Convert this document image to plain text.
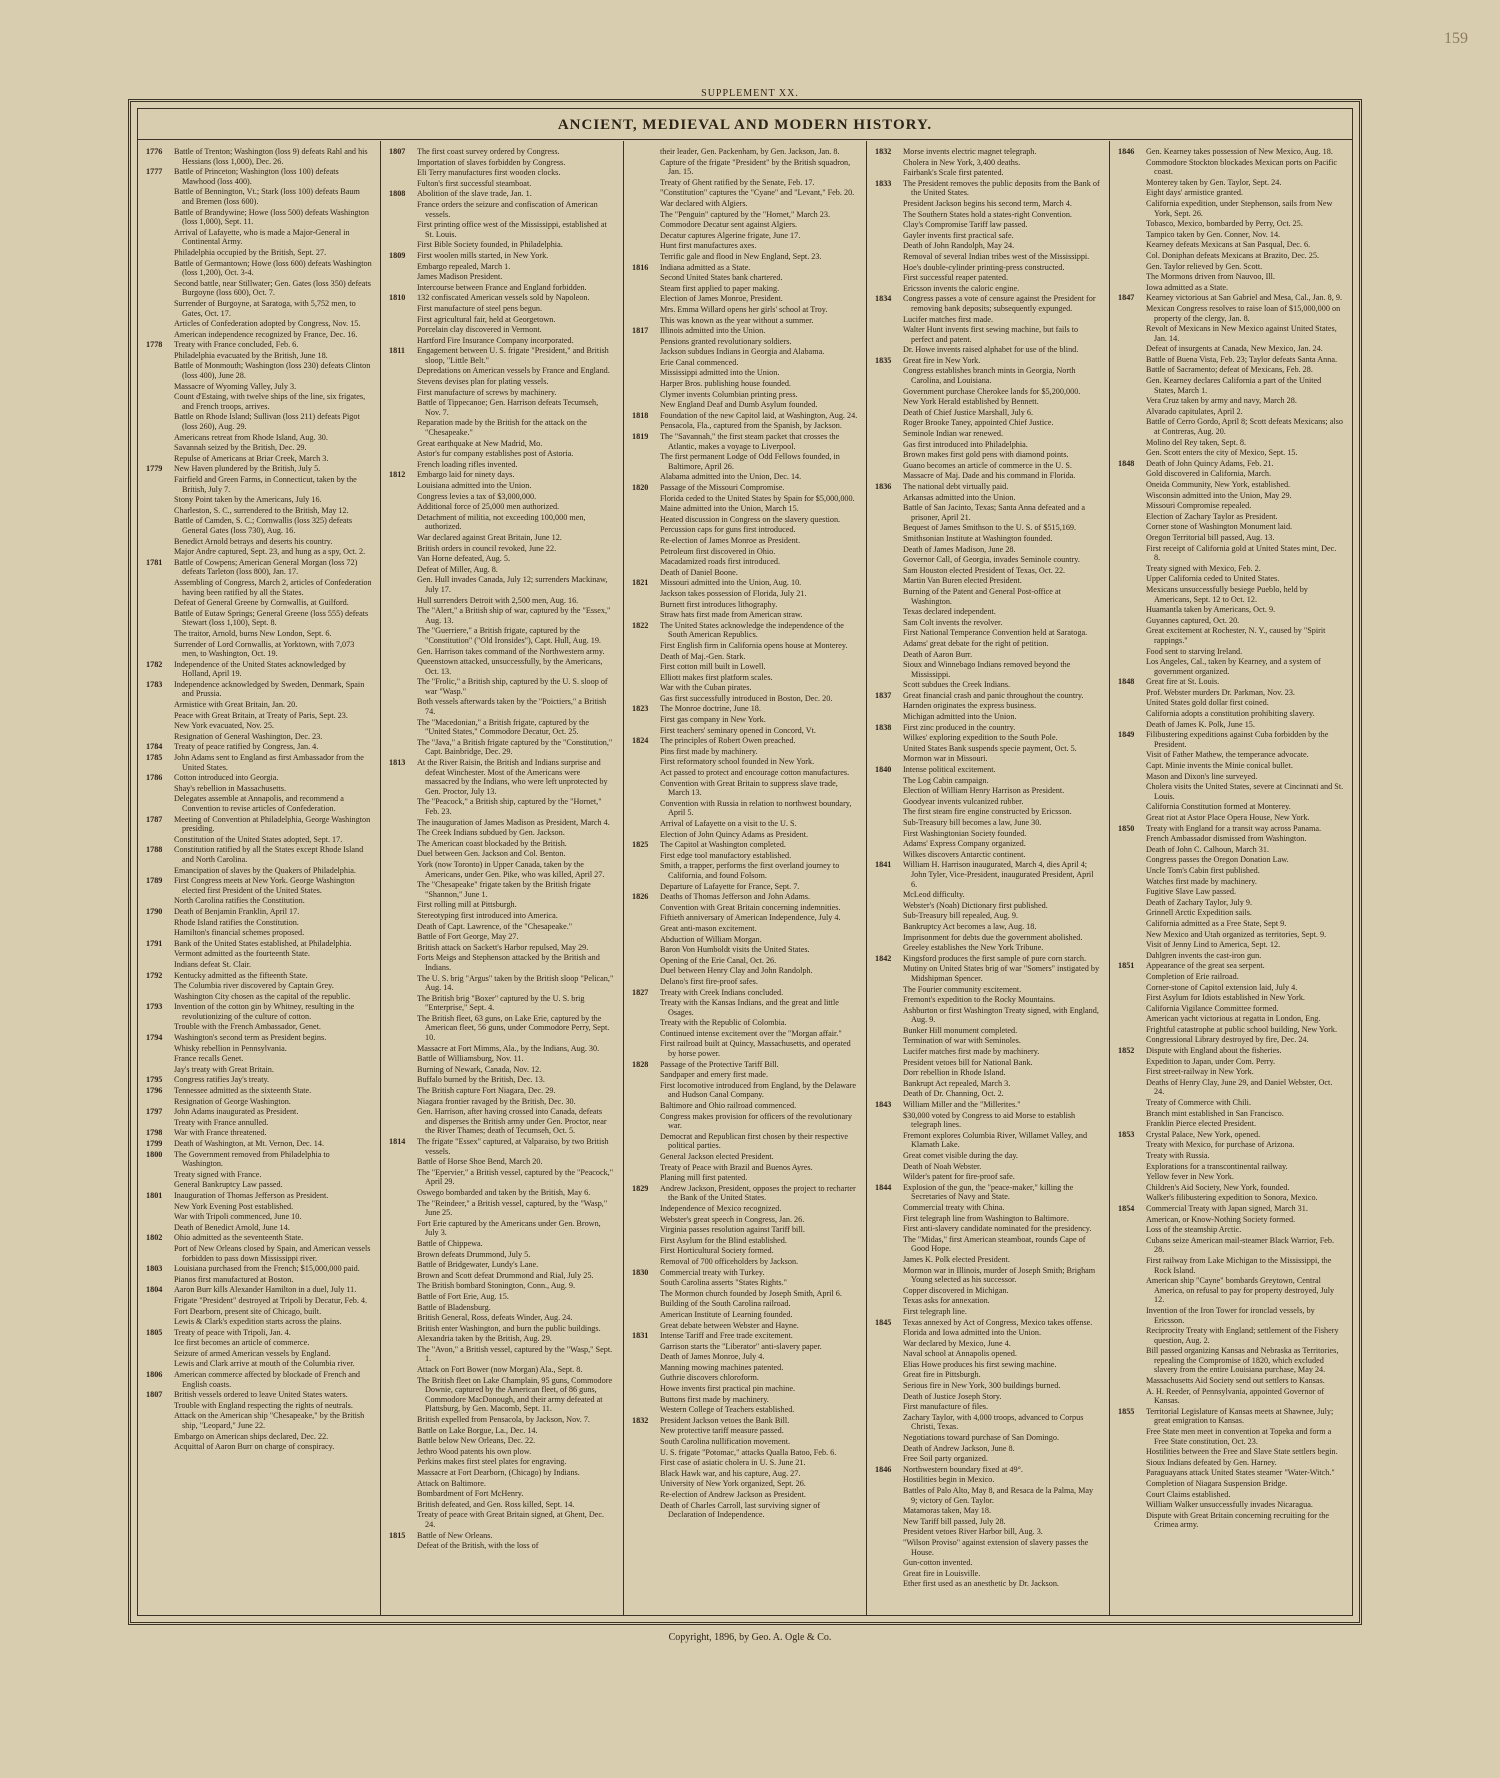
159
SUPPLEMENT XX.
ANCIENT, MEDIEVAL AND MODERN HISTORY.
1776	Battle of Trenton; Washington (loss 9) defeats Rahl and his Hessians (loss 1,000), Dec. 26.
1777	Battle of Princeton; Washington (loss 100) defeats Mawhood (loss 400).
Battle of Bennington, Vt.; Stark (loss 100) defeats Baum and Bremen (loss 600).
Battle of Brandywine; Howe (loss 500) defeats Washington (loss 1,000), Sept. 11.
Arrival of Lafayette, who is made a Major-General in Continental Army.
Philadelphia occupied by the British, Sept. 27.
Battle of Germantown; Howe (loss 600) defeats Washington (loss 1,200), Oct. 3-4.
Second battle, near Stillwater; Gen. Gates (loss 350) defeats Burgoyne (loss 600), Oct. 7.
Surrender of Burgoyne, at Saratoga, with 5,752 men, to Gates, Oct. 17.
Articles of Confederation adopted by Congress, Nov. 15.
American independence recognized by France, Dec. 16.
1778	Treaty with France concluded, Feb. 6.
Philadelphia evacuated by the British, June 18.
Battle of Monmouth; Washington (loss 230) defeats Clinton (loss 400), June 28.
Massacre of Wyoming Valley, July 3.
Count d'Estaing, with twelve ships of the line, six frigates, and French troops, arrives.
Battle on Rhode Island; Sullivan (loss 211) defeats Pigot (loss 260), Aug. 29.
Americans retreat from Rhode Island, Aug. 30.
Savannah seized by the British, Dec. 29.
Repulse of Americans at Briar Creek, March 3.
1779	New Haven plundered by the British, July 5.
Fairfield and Green Farms, in Connecticut, taken by the British, July 7.
Stony Point taken by the Americans, July 16.
Charleston, S. C., surrendered to the British, May 12.
Battle of Camden, S. C.; Cornwallis (loss 325) defeats General Gates (loss 730), Aug. 16.
Benedict Arnold betrays and deserts his country.
Major Andre captured, Sept. 23, and hung as a spy, Oct. 2.
1781	Battle of Cowpens; American General Morgan (loss 72) defeats Tarleton (loss 800), Jan. 17.
Assembling of Congress, March 2, articles of Confederation having been ratified by all the States.
Defeat of General Greene by Cornwallis, at Guilford.
Battle of Eutaw Springs; General Greene (loss 555) defeats Stewart (loss 1,100), Sept. 8.
The traitor, Arnold, burns New London, Sept. 6.
Surrender of Lord Cornwallis, at Yorktown, with 7,073 men, to Washington, Oct. 19.
1782	Independence of the United States acknowledged by Holland, April 19.
1783	Independence acknowledged by Sweden, Denmark, Spain and Prussia.
Armistice with Great Britain, Jan. 20.
Peace with Great Britain, at Treaty of Paris, Sept. 23.
New York evacuated, Nov. 25.
Resignation of General Washington, Dec. 23.
1784	Treaty of peace ratified by Congress, Jan. 4.
1785	John Adams sent to England as first Ambassador from the United States.
1786	Cotton introduced into Georgia.
Shay's rebellion in Massachusetts.
Delegates assemble at Annapolis, and recommend a Convention to revise articles of Confederation.
1787	Meeting of Convention at Philadelphia, George Washington presiding.
Constitution of the United States adopted, Sept. 17.
1788	Constitution ratified by all the States except Rhode Island and North Carolina.
Emancipation of slaves by the Quakers of Philadelphia.
1789	First Congress meets at New York. George Washington elected first President of the United States.
North Carolina ratifies the Constitution.
1790	Death of Benjamin Franklin, April 17.
Rhode Island ratifies the Constitution.
Hamilton's financial schemes proposed.
1791	Bank of the United States established, at Philadelphia.
Vermont admitted as the fourteenth State.
Indians defeat St. Clair.
1792	Kentucky admitted as the fifteenth State.
The Columbia river discovered by Captain Grey.
Washington City chosen as the capital of the republic.
1793	Invention of the cotton gin by Whitney, resulting in the revolutionizing of the culture of cotton.
Trouble with the French Ambassador, Genet.
1794	Washington's second term as President begins.
Whisky rebellion in Pennsylvania.
France recalls Genet.
Jay's treaty with Great Britain.
1795	Congress ratifies Jay's treaty.
1796	Tennessee admitted as the sixteenth State.
Resignation of George Washington.
1797	John Adams inaugurated as President.
Treaty with France annulled.
1798	War with France threatened.
1799	Death of Washington, at Mt. Vernon, Dec. 14.
1800	The Government removed from Philadelphia to Washington.
Treaty signed with France.
General Bankruptcy Law passed.
1801	Inauguration of Thomas Jefferson as President.
New York Evening Post established.
War with Tripoli commenced, June 10.
Death of Benedict Arnold, June 14.
1802	Ohio admitted as the seventeenth State.
Port of New Orleans closed by Spain, and American vessels forbidden to pass down Mississippi river.
1803	Louisiana purchased from the French; $15,000,000 paid.
Pianos first manufactured at Boston.
1804	Aaron Burr kills Alexander Hamilton in a duel, July 11.
Frigate "President" destroyed at Tripoli by Decatur, Feb. 4.
Fort Dearborn, present site of Chicago, built.
Lewis & Clark's expedition starts across the plains.
1805	Treaty of peace with Tripoli, Jan. 4.
Ice first becomes an article of commerce.
Seizure of armed American vessels by England.
Lewis and Clark arrive at mouth of the Columbia river.
1806	American commerce affected by blockade of French and English coasts.
1807	British vessels ordered to leave United States waters.
Trouble with England respecting the rights of neutrals.
Attack on the American ship "Chesapeake," by the British ship, "Leopard," June 22.
Embargo on American ships declared, Dec. 22.
Acquittal of Aaron Burr on charge of conspiracy.
1807	The first coast survey ordered by Congress.
Importation of slaves forbidden by Congress.
Eli Terry manufactures first wooden clocks.
Fulton's first successful steamboat.
1808	Abolition of the slave trade, Jan. 1.
France orders the seizure and confiscation of American vessels.
First printing office west of the Mississippi, established at St. Louis.
First Bible Society founded, in Philadelphia.
1809	First woolen mills started, in New York.
Embargo repealed, March 1.
James Madison President.
Intercourse between France and England forbidden.
1810	132 confiscated American vessels sold by Napoleon.
First manufacture of steel pens begun.
First agricultural fair, held at Georgetown.
Porcelain clay discovered in Vermont.
Hartford Fire Insurance Company incorporated.
1811	Engagement between U. S. frigate "President," and British sloop, "Little Belt."
Depredations on American vessels by France and England.
Stevens devises plan for plating vessels.
First manufacture of screws by machinery.
Battle of Tippecanoe; Gen. Harrison defeats Tecumseh, Nov. 7.
Reparation made by the British for the attack on the "Chesapeake."
Great earthquake at New Madrid, Mo.
Astor's fur company establishes post of Astoria.
French loading rifles invented.
1812	Embargo laid for ninety days.
Louisiana admitted into the Union.
Congress levies a tax of $3,000,000.
Additional force of 25,000 men authorized.
Detachment of militia, not exceeding 100,000 men, authorized.
War declared against Great Britain, June 12.
British orders in council revoked, June 22.
Van Horne defeated, Aug. 5.
Defeat of Miller, Aug. 8.
Gen. Hull invades Canada, July 12; surrenders Mackinaw, July 17.
Hull surrenders Detroit with 2,500 men, Aug. 16.
The "Alert," a British ship of war, captured by the "Essex," Aug. 13.
The "Guerriere," a British frigate, captured by the "Constitution" ("Old Ironsides"), Capt. Hull, Aug. 19.
Gen. Harrison takes command of the Northwestern army.
Queenstown attacked, unsuccessfully, by the Americans, Oct. 13.
The "Frolic," a British ship, captured by the U. S. sloop of war "Wasp."
Both vessels afterwards taken by the "Poictiers," a British 74.
The "Macedonian," a British frigate, captured by the "United States," Commodore Decatur, Oct. 25.
The "Java," a British frigate captured by the "Constitution," Capt. Bainbridge, Dec. 29.
1813	At the River Raisin, the British and Indians surprise and defeat Winchester. Most of the Americans were massacred by the Indians, who were left unprotected by Gen. Proctor, July 13.
The "Peacock," a British ship, captured by the "Hornet," Feb. 23.
The inauguration of James Madison as President, March 4.
The Creek Indians subdued by Gen. Jackson.
The American coast blockaded by the British.
Duel between Gen. Jackson and Col. Benton.
York (now Toronto) in Upper Canada, taken by the Americans, under Gen. Pike, who was killed, April 27.
The "Chesapeake" frigate taken by the British frigate "Shannon," June 1.
First rolling mill at Pittsburgh.
Stereotyping first introduced into America.
Death of Capt. Lawrence, of the "Chesapeake."
Battle of Fort George, May 27.
British attack on Sackett's Harbor repulsed, May 29.
Forts Meigs and Stephenson attacked by the British and Indians.
The U. S. brig "Argus" taken by the British sloop "Pelican," Aug. 14.
The British brig "Boxer" captured by the U. S. brig "Enterprise," Sept. 4.
The British fleet, 63 guns, on Lake Erie, captured by the American fleet, 56 guns, under Commodore Perry, Sept. 10.
Massacre at Fort Mimms, Ala., by the Indians, Aug. 30.
Battle of Williamsburg, Nov. 11.
Burning of Newark, Canada, Nov. 12.
Buffalo burned by the British, Dec. 13.
The British capture Fort Niagara, Dec. 29.
Niagara frontier ravaged by the British, Dec. 30.
Gen. Harrison, after having crossed into Canada, defeats and disperses the British army under Gen. Proctor, near the River Thames; death of Tecumseh, Oct. 5.
1814	The frigate "Essex" captured, at Valparaiso, by two British vessels.
Battle of Horse Shoe Bend, March 20.
The "Epervier," a British vessel, captured by the "Peacock," April 29.
Oswego bombarded and taken by the British, May 6.
The "Reindeer," a British vessel, captured, by the "Wasp," June 25.
Fort Erie captured by the Americans under Gen. Brown, July 3.
Battle of Chippewa.
Brown defeats Drummond, July 5.
Battle of Bridgewater, Lundy's Lane.
Brown and Scott defeat Drummond and Rial, July 25.
The British bombard Stonington, Conn., Aug. 9.
Battle of Fort Erie, Aug. 15.
Battle of Bladensburg.
British General, Ross, defeats Winder, Aug. 24.
British enter Washington, and burn the public buildings.
Alexandria taken by the British, Aug. 29.
The "Avon," a British vessel, captured by the "Wasp," Sept. 1.
Attack on Fort Bower (now Morgan) Ala., Sept. 8.
The British fleet on Lake Champlain, 95 guns, Commodore Downie, captured by the American fleet, of 86 guns, Commodore MacDonough, and their army defeated at Plattsburg, by Gen. Macomb, Sept. 11.
British expelled from Pensacola, by Jackson, Nov. 7.
Battle on Lake Borgue, La., Dec. 14.
Battle below New Orleans, Dec. 22.
Jethro Wood patents his own plow.
Perkins makes first steel plates for engraving.
Massacre at Fort Dearborn, (Chicago) by Indians.
Attack on Baltimore.
Bombardment of Fort McHenry.
British defeated, and Gen. Ross killed, Sept. 14.
Treaty of peace with Great Britain signed, at Ghent, Dec. 24.
1815	Battle of New Orleans.
Defeat of the British, with the loss of
their leader, Gen. Packenham, by Gen. Jackson, Jan. 8.
Capture of the frigate "President" by the British squadron, Jan. 15.
Treaty of Ghent ratified by the Senate, Feb. 17.
"Constitution" captures the "Cyane" and "Levant," Feb. 20.
War declared with Algiers.
The "Penguin" captured by the "Hornet," March 23.
Commodore Decatur sent against Algiers.
Decatur captures Algerine frigate, June 17.
Hunt first manufactures axes.
Terrific gale and flood in New England, Sept. 23.
1816	Indiana admitted as a State.
Second United States bank chartered.
Steam first applied to paper making.
Election of James Monroe, President.
Mrs. Emma Willard opens her girls' school at Troy.
This was known as the year without a summer.
1817	Illinois admitted into the Union.
Pensions granted revolutionary soldiers.
Jackson subdues Indians in Georgia and Alabama.
Erie Canal commenced.
Mississippi admitted into the Union.
Harper Bros. publishing house founded.
Clymer invents Columbian printing press.
New England Deaf and Dumb Asylum founded.
1818	Foundation of the new Capitol laid, at Washington, Aug. 24.
Pensacola, Fla., captured from the Spanish, by Jackson.
1819	The "Savannah," the first steam packet that crosses the Atlantic, makes a voyage to Liverpool.
The first permanent Lodge of Odd Fellows founded, in Baltimore, April 26.
Alabama admitted into the Union, Dec. 14.
1820	Passage of the Missouri Compromise.
Florida ceded to the United States by Spain for $5,000,000.
Maine admitted into the Union, March 15.
Heated discussion in Congress on the slavery question.
Percussion caps for guns first introduced.
Re-election of James Monroe as President.
Petroleum first discovered in Ohio.
Macadamized roads first introduced.
Death of Daniel Boone.
1821	Missouri admitted into the Union, Aug. 10.
Jackson takes possession of Florida, July 21.
Burnett first introduces lithography.
Straw hats first made from American straw.
1822	The United States acknowledge the independence of the South American Republics.
First English firm in California opens house at Monterey.
Death of Maj.-Gen. Stark.
First cotton mill built in Lowell.
Elliott makes first platform scales.
War with the Cuban pirates.
Gas first successfully introduced in Boston, Dec. 20.
1823	The Monroe doctrine, June 18.
First gas company in New York.
First teachers' seminary opened in Concord, Vt.
1824	The principles of Robert Owen preached.
Pins first made by machinery.
First reformatory school founded in New York.
Act passed to protect and encourage cotton manufactures.
Convention with Great Britain to suppress slave trade, March 13.
Convention with Russia in relation to northwest boundary, April 5.
Arrival of Lafayette on a visit to the U. S.
Election of John Quincy Adams as President.
1825	The Capitol at Washington completed.
First edge tool manufactory established.
Smith, a trapper, performs the first overland journey to California, and found Folsom.
Departure of Lafayette for France, Sept. 7.
1826	Deaths of Thomas Jefferson and John Adams.
Convention with Great Britain concerning indemnities.
Fiftieth anniversary of American Independence, July 4.
Great anti-mason excitement.
Abduction of William Morgan.
Baron Von Humboldt visits the United States.
Opening of the Erie Canal, Oct. 26.
Duel between Henry Clay and John Randolph.
Delano's first fire-proof safes.
1827	Treaty with Creek Indians concluded.
Treaty with the Kansas Indians, and the great and little Osages.
Treaty with the Republic of Colombia.
Continued intense excitement over the "Morgan affair."
First railroad built at Quincy, Massachusetts, and operated by horse power.
1828	Passage of the Protective Tariff Bill.
Sandpaper and emery first made.
First locomotive introduced from England, by the Delaware and Hudson Canal Company.
Baltimore and Ohio railroad commenced.
Congress makes provision for officers of the revolutionary war.
Democrat and Republican first chosen by their respective political parties.
General Jackson elected President.
Treaty of Peace with Brazil and Buenos Ayres.
Planing mill first patented.
1829	Andrew Jackson, President, opposes the project to recharter the Bank of the United States.
Independence of Mexico recognized.
Webster's great speech in Congress, Jan. 26.
Virginia passes resolution against Tariff bill.
First Asylum for the Blind established.
First Horticultural Society formed.
Removal of 700 officeholders by Jackson.
1830	Commercial treaty with Turkey.
South Carolina asserts "States Rights."
The Mormon church founded by Joseph Smith, April 6.
Building of the South Carolina railroad.
American Institute of Learning founded.
Great debate between Webster and Hayne.
1831	Intense Tariff and Free trade excitement.
Garrison starts the "Liberator" anti-slavery paper.
Death of James Monroe, July 4.
Manning mowing machines patented.
Guthrie discovers chloroform.
Howe invents first practical pin machine.
Buttons first made by machinery.
Western College of Teachers established.
1832	President Jackson vetoes the Bank Bill.
New protective tariff measure passed.
South Carolina nullification movement.
U. S. frigate "Potomac," attacks Qualla Batoo, Feb. 6.
First case of asiatic cholera in U. S. June 21.
Black Hawk war, and his capture, Aug. 27.
University of New York organized, Sept. 26.
Re-election of Andrew Jackson as President.
Death of Charles Carroll, last surviving signer of Declaration of Independence.
1832	Morse invents electric magnet telegraph.
Cholera in New York, 3,400 deaths.
Fairbank's Scale first patented.
1833	The President removes the public deposits from the Bank of the United States.
President Jackson begins his second term, March 4.
The Southern States hold a states-right Convention.
Clay's Compromise Tariff law passed.
Gayler invents first practical safe.
Death of John Randolph, May 24.
Removal of several Indian tribes west of the Mississippi.
Hoe's double-cylinder printing-press constructed.
First successful reaper patented.
Ericsson invents the caloric engine.
1834	Congress passes a vote of censure against the President for removing bank deposits; subsequently expunged.
Lucifer matches first made.
Walter Hunt invents first sewing machine, but fails to perfect and patent.
Dr. Howe invents raised alphabet for use of the blind.
1835	Great fire in New York.
Congress establishes branch mints in Georgia, North Carolina, and Louisiana.
Government purchase Cherokee lands for $5,200,000.
New York Herald established by Bennett.
Death of Chief Justice Marshall, July 6.
Roger Brooke Taney, appointed Chief Justice.
Seminole Indian war renewed.
Gas first introduced into Philadelphia.
Brown makes first gold pens with diamond points.
Guano becomes an article of commerce in the U. S.
Massacre of Maj. Dade and his command in Florida.
1836	The national debt virtually paid.
Arkansas admitted into the Union.
Battle of San Jacinto, Texas; Santa Anna defeated and a prisoner, April 21.
Bequest of James Smithson to the U. S. of $515,169.
Smithsonian Institute at Washington founded.
Death of James Madison, June 28.
Governor Call, of Georgia, invades Seminole country.
Sam Houston elected President of Texas, Oct. 22.
Martin Van Buren elected President.
Burning of the Patent and General Post-office at Washington.
Texas declared independent.
Sam Colt invents the revolver.
First National Temperance Convention held at Saratoga.
Adams' great debate for the right of petition.
Death of Aaron Burr.
Sioux and Winnebago Indians removed beyond the Mississippi.
Scott subdues the Creek Indians.
1837	Great financial crash and panic throughout the country.
Harnden originates the express business.
Michigan admitted into the Union.
1838	First zinc produced in the country.
Wilkes' exploring expedition to the South Pole.
United States Bank suspends specie payment, Oct. 5.
Mormon war in Missouri.
1840	Intense political excitement.
The Log Cabin campaign.
Election of William Henry Harrison as President.
Goodyear invents vulcanized rubber.
The first steam fire engine constructed by Ericsson.
Sub-Treasury bill becomes a law, June 30.
First Washingtonian Society founded.
Adams' Express Company organized.
Wilkes discovers Antarctic continent.
1841	William H. Harrison inaugurated, March 4, dies April 4; John Tyler, Vice-President, inaugurated President, April 6.
McLeod difficulty.
Webster's (Noah) Dictionary first published.
Sub-Treasury bill repealed, Aug. 9.
Bankruptcy Act becomes a law, Aug. 18.
Imprisonment for debts due the government abolished.
Greeley establishes the New York Tribune.
1842	Kingsford produces the first sample of pure corn starch.
Mutiny on United States brig of war "Somers" instigated by Midshipman Spencer.
The Fourier community excitement.
Fremont's expedition to the Rocky Mountains.
Ashburton or first Washington Treaty signed, with England, Aug. 9.
Bunker Hill monument completed.
Termination of war with Seminoles.
Lucifer matches first made by machinery.
President vetoes bill for National Bank.
Dorr rebellion in Rhode Island.
Bankrupt Act repealed, March 3.
Death of Dr. Channing, Oct. 2.
1843	William Miller and the "Millerites."
$30,000 voted by Congress to aid Morse to establish telegraph lines.
Fremont explores Columbia River, Willamet Valley, and Klamath Lake.
Great comet visible during the day.
Death of Noah Webster.
Wilder's patent for fire-proof safe.
1844	Explosion of the gun, the "peace-maker," killing the Secretaries of Navy and State.
Commercial treaty with China.
First telegraph line from Washington to Baltimore.
First anti-slavery candidate nominated for the presidency.
The "Midas," first American steamboat, rounds Cape of Good Hope.
James K. Polk elected President.
Mormon war in Illinois, murder of Joseph Smith; Brigham Young selected as his successor.
Copper discovered in Michigan.
Texas asks for annexation.
First telegraph line.
1845	Texas annexed by Act of Congress, Mexico takes offense.
Florida and Iowa admitted into the Union.
War declared by Mexico, June 4.
Naval school at Annapolis opened.
Elias Howe produces his first sewing machine.
Great fire in Pittsburgh.
Serious fire in New York, 300 buildings burned.
Death of Justice Joseph Story.
First manufacture of files.
Zachary Taylor, with 4,000 troops, advanced to Corpus Christi, Texas.
Negotiations toward purchase of San Domingo.
Death of Andrew Jackson, June 8.
Free Soil party organized.
1846	Northwestern boundary fixed at 49°.
Hostilities begin in Mexico.
Battles of Palo Alto, May 8, and Resaca de la Palma, May 9; victory of Gen. Taylor.
Matamoras taken, May 18.
New Tariff bill passed, July 28.
President vetoes River Harbor bill, Aug. 3.
"Wilson Proviso" against extension of slavery passes the House.
Gun-cotton invented.
Great fire in Louisville.
Ether first used as an anesthetic by Dr. Jackson.
1846	Gen. Kearney takes possession of New Mexico, Aug. 18.
Commodore Stockton blockades Mexican ports on Pacific coast.
Monterey taken by Gen. Taylor, Sept. 24.
Eight days' armistice granted.
California expedition, under Stephenson, sails from New York, Sept. 26.
Tobasco, Mexico, bombarded by Perry, Oct. 25.
Tampico taken by Gen. Conner, Nov. 14.
Kearney defeats Mexicans at San Pasqual, Dec. 6.
Col. Doniphan defeats Mexicans at Brazito, Dec. 25.
Gen. Taylor relieved by Gen. Scott.
The Mormons driven from Nauvoo, Ill.
Iowa admitted as a State.
1847	Kearney victorious at San Gabriel and Mesa, Cal., Jan. 8, 9.
Mexican Congress resolves to raise loan of $15,000,000 on property of the clergy, Jan. 8.
Revolt of Mexicans in New Mexico against United States, Jan. 14.
Defeat of insurgents at Canada, New Mexico, Jan. 24.
Battle of Buena Vista, Feb. 23; Taylor defeats Santa Anna.
Battle of Sacramento; defeat of Mexicans, Feb. 28.
Gen. Kearney declares California a part of the United States, March 1.
Vera Cruz taken by army and navy, March 28.
Alvarado capitulates, April 2.
Battle of Cerro Gordo, April 8; Scott defeats Mexicans; also at Contreras, Aug. 20.
Molino del Rey taken, Sept. 8.
Gen. Scott enters the city of Mexico, Sept. 15.
1848	Death of John Quincy Adams, Feb. 21.
Gold discovered in California, March.
Oneida Community, New York, established.
Wisconsin admitted into the Union, May 29.
Missouri Compromise repealed.
Election of Zachary Taylor as President.
Corner stone of Washington Monument laid.
Oregon Territorial bill passed, Aug. 13.
First receipt of California gold at United States mint, Dec. 8.
Treaty signed with Mexico, Feb. 2.
Upper California ceded to United States.
Mexicans unsuccessfully besiege Pueblo, held by Americans, Sept. 12 to Oct. 12.
Huamantla taken by Americans, Oct. 9.
Guyannes captured, Oct. 20.
Great excitement at Rochester, N. Y., caused by "Spirit rappings."
Food sent to starving Ireland.
Los Angeles, Cal., taken by Kearney, and a system of government organized.
1848	Great fire at St. Louis.
Prof. Webster murders Dr. Parkman, Nov. 23.
United States gold dollar first coined.
California adopts a constitution prohibiting slavery.
Death of James K. Polk, June 15.
1849	Filibustering expeditions against Cuba forbidden by the President.
Visit of Father Mathew, the temperance advocate.
Capt. Minie invents the Minie conical bullet.
Mason and Dixon's line surveyed.
Cholera visits the United States, severe at Cincinnati and St. Louis.
California Constitution formed at Monterey.
Great riot at Astor Place Opera House, New York.
1850	Treaty with England for a transit way across Panama.
French Ambassador dismissed from Washington.
Death of John C. Calhoun, March 31.
Congress passes the Oregon Donation Law.
Uncle Tom's Cabin first published.
Watches first made by machinery.
Fugitive Slave Law passed.
Death of Zachary Taylor, July 9.
Grinnell Arctic Expedition sails.
California admitted as a Free State, Sept 9.
New Mexico and Utah organized as territories, Sept. 9.
Visit of Jenny Lind to America, Sept. 12.
Dahlgren invents the cast-iron gun.
1851	Appearance of the great sea serpent.
Completion of Erie railroad.
Corner-stone of Capitol extension laid, July 4.
First Asylum for Idiots established in New York.
California Vigilance Committee formed.
American yacht victorious at regatta in London, Eng.
Frightful catastrophe at public school building, New York.
Congressional Library destroyed by fire, Dec. 24.
1852	Dispute with England about the fisheries.
Expedition to Japan, under Com. Perry.
First street-railway in New York.
Deaths of Henry Clay, June 29, and Daniel Webster, Oct. 24.
Treaty of Commerce with Chili.
Branch mint established in San Francisco.
Franklin Pierce elected President.
1853	Crystal Palace, New York, opened.
Treaty with Mexico, for purchase of Arizona.
Treaty with Russia.
Explorations for a transcontinental railway.
Yellow fever in New York.
Children's Aid Society, New York, founded.
Walker's filibustering expedition to Sonora, Mexico.
1854	Commercial Treaty with Japan signed, March 31.
American, or Know-Nothing Society formed.
Loss of the steamship Arctic.
Cubans seize American mail-steamer Black Warrior, Feb. 28.
First railway from Lake Michigan to the Mississippi, the Rock Island.
American ship "Cayne" bombards Greytown, Central America, on refusal to pay for property destroyed, July 12.
Invention of the Iron Tower for ironclad vessels, by Ericsson.
Reciprocity Treaty with England; settlement of the Fishery question, Aug. 2.
Bill passed organizing Kansas and Nebraska as Territories, repealing the Compromise of 1820, which excluded slavery from the entire Louisiana purchase, May 24.
Massachusetts Aid Society send out settlers to Kansas.
A. H. Reeder, of Pennsylvania, appointed Governor of Kansas.
1855	Territorial Legislature of Kansas meets at Shawnee, July; great emigration to Kansas.
Free State men meet in convention at Topeka and form a Free State constitution, Oct. 23.
Hostilities between the Free and Slave State settlers begin.
Sioux Indians defeated by Gen. Harney.
Paraguayans attack United States steamer "Water-Witch."
Completion of Niagara Suspension Bridge.
Court Claims established.
William Walker unsuccessfully invades Nicaragua.
Dispute with Great Britain concerning recruiting for the Crimea army.
Copyright, 1896, by Geo. A. Ogle & Co.
